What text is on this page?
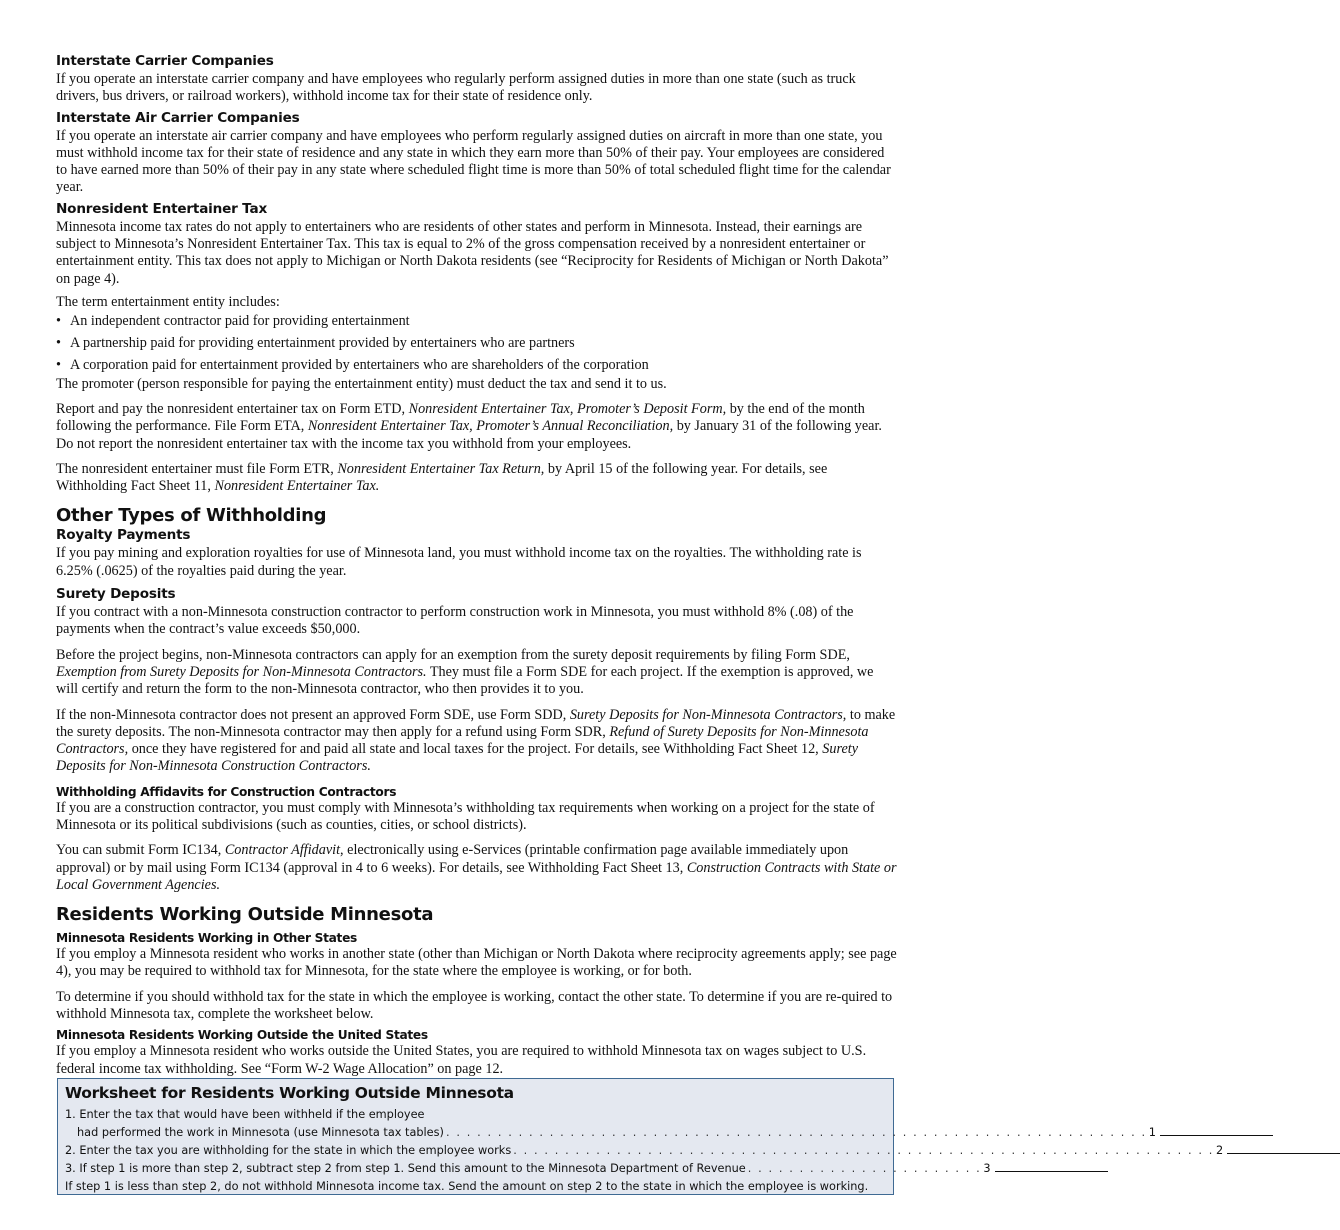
Interstate Carrier Companies

If you operate an interstate carrier company and have employees who regularly perform assigned duties in more than one state (such as truck drivers, bus drivers, or railroad workers), withhold income tax for their state of residence only.

Interstate Air Carrier Companies

If you operate an interstate air carrier company and have employees who perform regularly assigned duties on aircraft in more than one state, you must withhold income tax for their state of residence and any state in which they earn more than 50% of their pay. Your employees are considered to have earned more than 50% of their pay in any state where scheduled flight time is more than 50% of total scheduled flight time for the calendar year.

Nonresident Entertainer Tax

Minnesota income tax rates do not apply to entertainers who are residents of other states and perform in Minnesota. Instead, their earnings are subject to Minnesota’s Nonresident Entertainer Tax. This tax is equal to 2% of the gross compensation received by a nonresident entertainer or entertainment entity. This tax does not apply to Michigan or North Dakota residents (see “Reciprocity for Residents of Michigan or North Dakota” on page 4).

The term entertainment entity includes:

• An independent contractor paid for providing entertainment
• A partnership paid for providing entertainment provided by entertainers who are partners
• A corporation paid for entertainment provided by entertainers who are shareholders of the corporation

The promoter (person responsible for paying the entertainment entity) must deduct the tax and send it to us.

Report and pay the nonresident entertainer tax on Form ETD, Nonresident Entertainer Tax, Promoter’s Deposit Form, by the end of the month following the performance. File Form ETA, Nonresident Entertainer Tax, Promoter’s Annual Reconciliation, by January 31 of the following year. Do not report the nonresident entertainer tax with the income tax you withhold from your employees.

The nonresident entertainer must file Form ETR, Nonresident Entertainer Tax Return, by April 15 of the following year. For details, see Withholding Fact Sheet 11, Nonresident Entertainer Tax.

Other Types of Withholding
Royalty Payments

If you pay mining and exploration royalties for use of Minnesota land, you must withhold income tax on the royalties. The withholding rate is 6.25% (.0625) of the royalties paid during the year.

Surety Deposits

If you contract with a non-Minnesota construction contractor to perform construction work in Minnesota, you must withhold 8% (.08) of the payments when the contract’s value exceeds $50,000.

Before the project begins, non-Minnesota contractors can apply for an exemption from the surety deposit requirements by filing Form SDE, Exemption from Surety Deposits for Non-Minnesota Contractors. They must file a Form SDE for each project. If the exemption is approved, we will certify and return the form to the non-Minnesota contractor, who then provides it to you.

If the non-Minnesota contractor does not present an approved Form SDE, use Form SDD, Surety Deposits for Non-Minnesota Contractors, to make the surety deposits. The non-Minnesota contractor may then apply for a refund using Form SDR, Refund of Surety Deposits for Non-Minnesota Contractors, once they have registered for and paid all state and local taxes for the project. For details, see Withholding Fact Sheet 12, Surety Deposits for Non-Minnesota Construction Contractors.

Withholding Affidavits for Construction Contractors

If you are a construction contractor, you must comply with Minnesota’s withholding tax requirements when working on a project for the state of Minnesota or its political subdivisions (such as counties, cities, or school districts).

You can submit Form IC134, Contractor Affidavit, electronically using e-Services (printable confirmation page available immediately upon approval) or by mail using Form IC134 (approval in 4 to 6 weeks). For details, see Withholding Fact Sheet 13, Construction Contracts with State or Local Government Agencies.

Residents Working Outside Minnesota
Minnesota Residents Working in Other States

If you employ a Minnesota resident who works in another state (other than Michigan or North Dakota where reciprocity agreements apply; see page 4), you may be required to withhold tax for Minnesota, for the state where the employee is working, or for both.

To determine if you should withhold tax for the state in which the employee is working, contact the other state. To determine if you are re-quired to withhold Minnesota tax, complete the worksheet below.

Minnesota Residents Working Outside the United States

If you employ a Minnesota resident who works outside the United States, you are required to withhold Minnesota tax on wages subject to U.S. federal income tax withholding. See “Form W-2 Wage Allocation” on page 12.

Worksheet for Residents Working Outside Minnesota
1. Enter the tax that would have been withheld if the employee
had performed the work in Minnesota (use Minnesota tax tables) . . . . . . . . . . . . . . . . . . . . . . . . . . . . . . . . . . . . . . . . . . . . . . . . . . . . . . . . . . . . . . . . . . . . 1
2. Enter the tax you are withholding for the state in which the employee works . . . . . . . . . . . . . . . . . . . . . . . . . . . . . . . . . . . . . . . . . . . . . . . . . . . . . . . . . . . . . . . . . . . . 2
3. If step 1 is more than step 2, subtract step 2 from step 1. Send this amount to the Minnesota Department of Revenue . . . . . . . . . . . . . . . . . . . . . . . 3
If step 1 is less than step 2, do not withhold Minnesota income tax. Send the amount on step 2 to the state in which the employee is working.
